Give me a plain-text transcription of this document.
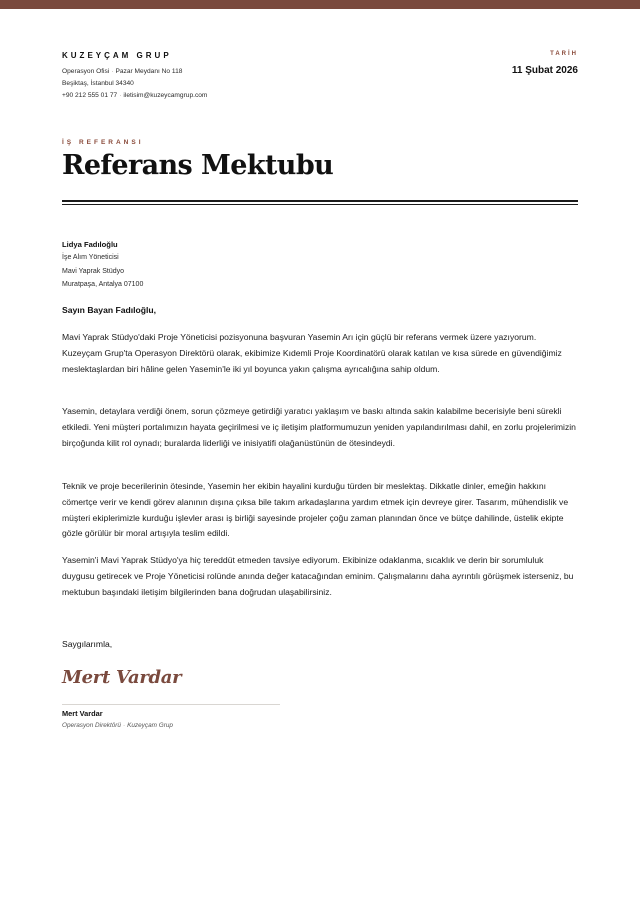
KUZEYÇAM GRUP
Operasyon Ofisi · Pazar Meydanı No 118
Beşiktaş, İstanbul 34340
+90 212 555 01 77 · iletisim@kuzeycamgrup.com
TARİH
11 Şubat 2026
İŞ REFERANSI
Referans Mektubu
Lidya Fadıloğlu
İşe Alım Yöneticisi
Mavi Yaprak Stüdyo
Muratpaşa, Antalya 07100
Sayın Bayan Fadıloğlu,
Mavi Yaprak Stüdyo'daki Proje Yöneticisi pozisyonuna başvuran Yasemin Arı için güçlü bir referans vermek üzere yazıyorum. Kuzeyçam Grup'ta Operasyon Direktörü olarak, ekibimize Kıdemli Proje Koordinatörü olarak katılan ve kısa sürede en güvendiğimiz meslektaşlardan biri hâline gelen Yasemin'le iki yıl boyunca yakın çalışma ayrıcalığına sahip oldum.
Yasemin, detaylara verdiği önem, sorun çözmeye getirdiği yaratıcı yaklaşım ve baskı altında sakin kalabilme becerisiyle beni sürekli etkiledi. Yeni müşteri portalımızın hayata geçirilmesi ve iç iletişim platformumuzun yeniden yapılandırılması dahil, en zorlu projelerimizin birçoğunda kilit rol oynadı; buralarda liderliği ve inisiyatifi olağanüstünün de ötesindeydi.
Teknik ve proje becerilerinin ötesinde, Yasemin her ekibin hayalini kurduğu türden bir meslektaş. Dikkatle dinler, emeğin hakkını cömertçe verir ve kendi görev alanının dışına çıksa bile takım arkadaşlarına yardım etmek için devreye girer. Tasarım, mühendislik ve müşteri ekiplerimizle kurduğu işlevler arası iş birliği sayesinde projeler çoğu zaman planından önce ve bütçe dahilinde, üstelik ekipte gözle görülür bir moral artışıyla teslim edildi.
Yasemin'i Mavi Yaprak Stüdyo'ya hiç tereddüt etmeden tavsiye ediyorum. Ekibinize odaklanma, sıcaklık ve derin bir sorumluluk duygusu getirecek ve Proje Yöneticisi rolünde anında değer katacağından eminim. Çalışmalarını daha ayrıntılı görüşmek isterseniz, bu mektubun başındaki iletişim bilgilerinden bana doğrudan ulaşabilirsiniz.
Saygılarımla,
Mert Vardar
Mert Vardar
Operasyon Direktörü · Kuzeyçam Grup
